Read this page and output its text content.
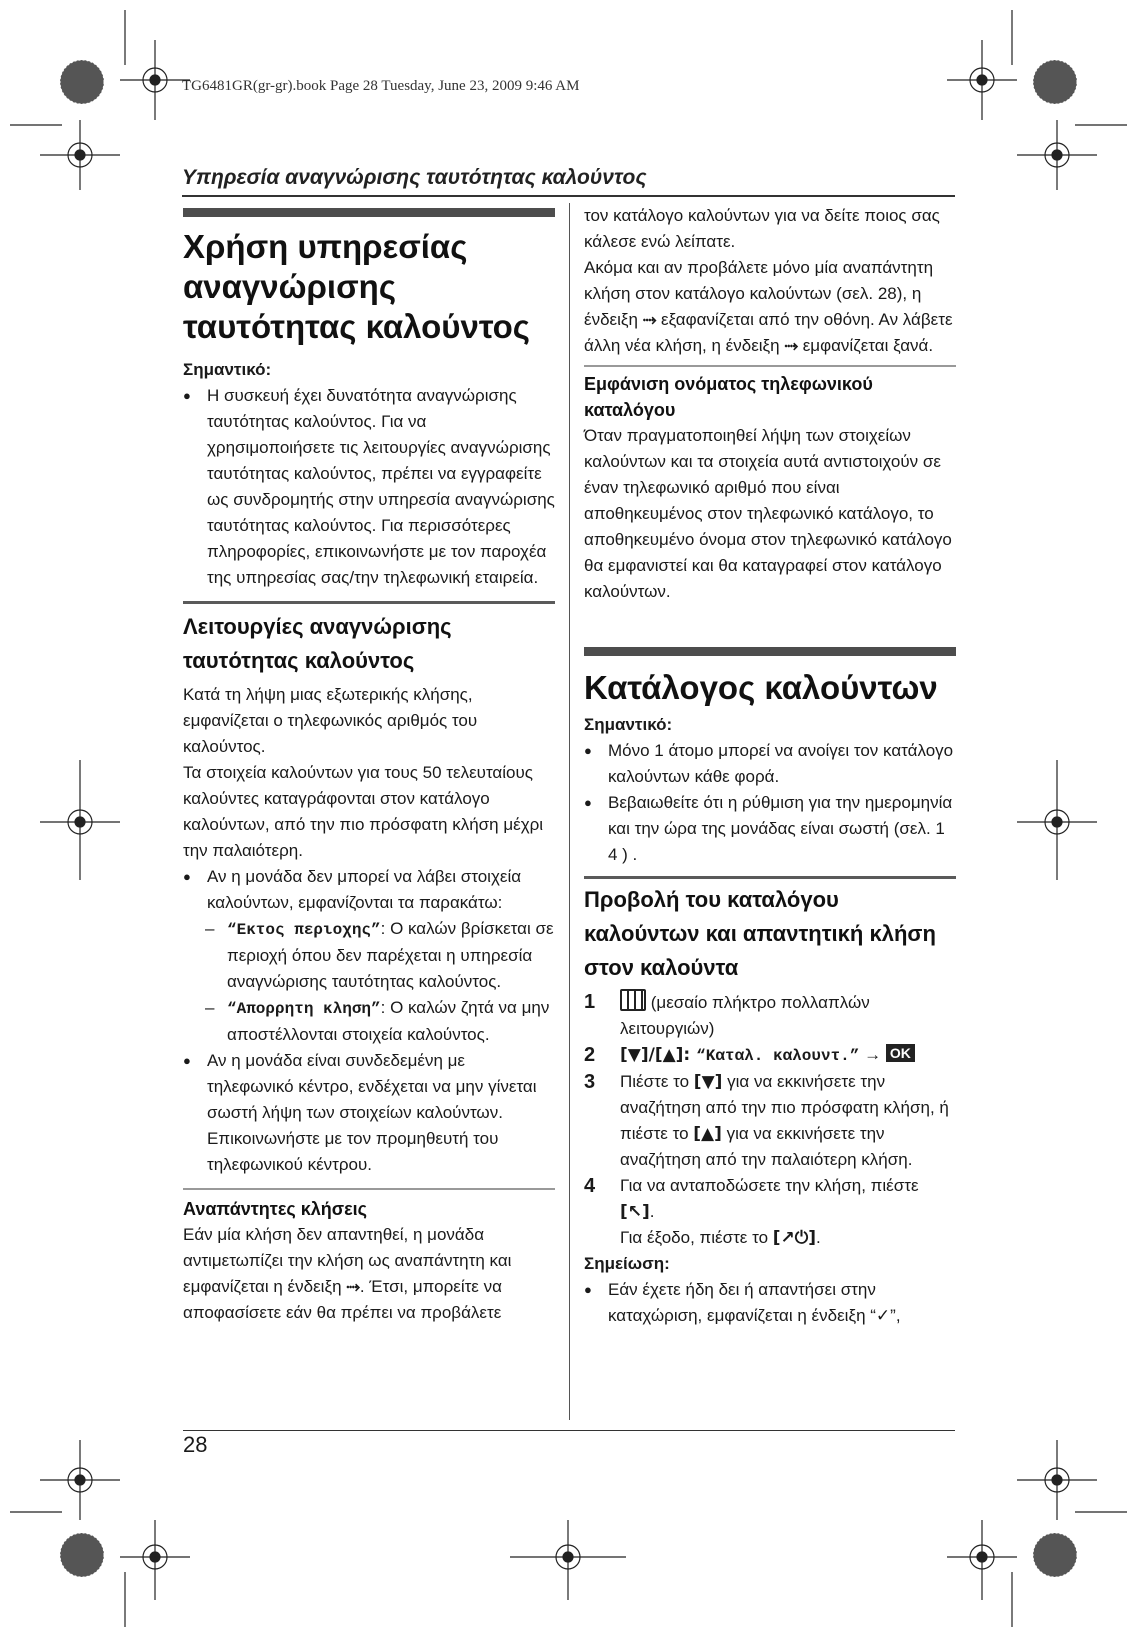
TG6481GR(gr-gr).book Page 28 Tuesday, June 23, 2009 9:46 AM
Υπηρεσία αναγνώρισης ταυτότητας καλούντος
Χρήση υπηρεσίας αναγνώρισης ταυτότητας καλούντος
Σημαντικό:
● Η συσκευή έχει δυνατότητα αναγνώρισης ταυτότητας καλούντος. Για να χρησιμοποιήσετε τις λειτουργίες αναγνώρισης ταυτότητας καλούντος, πρέπει να εγγραφείτε ως συνδρομητής στην υπηρεσία αναγνώρισης ταυτότητας καλούντος. Για περισσότερες πληροφορίες, επικοινωνήστε με τον παροχέα της υπηρεσίας σας/την τηλεφωνική εταιρεία.
Λειτουργίες αναγνώρισης ταυτότητας καλούντος

Κατά τη λήψη μιας εξωτερικής κλήσης, εμφανίζεται ο τηλεφωνικός αριθμός του καλούντος.

Τα στοιχεία καλούντων για τους 50 τελευταίους καλούντες καταγράφονται στον κατάλογο καλούντων, από την πιο πρόσφατη κλήση μέχρι την παλαιότερη.

● Αν η μονάδα δεν μπορεί να λάβει στοιχεία καλούντων, εμφανίζονται τα παρακάτω:
– “Εκτος περιοχης”: Ο καλών βρίσκεται σε περιοχή όπου δεν παρέχεται η υπηρεσία αναγνώρισης ταυτότητας καλούντος.
– “Απορρητη κληση”: Ο καλών ζητά να μην αποστέλλονται στοιχεία καλούντος.
● Αν η μονάδα είναι συνδεδεμένη με τηλεφωνικό κέντρο, ενδέχεται να μην γίνεται σωστή λήψη των στοιχείων καλούντων. Επικοινωνήστε με τον προμηθευτή του τηλεφωνικού κέντρου.
Αναπάντητες κλήσεις

Εάν μία κλήση δεν απαντηθεί, η μονάδα αντιμετωπίζει την κλήση ως αναπάντητη και εμφανίζεται η ένδειξη ⤑. Έτσι, μπορείτε να αποφασίσετε εάν θα πρέπει να προβάλετε

τον κατάλογο καλούντων για να δείτε ποιος σας κάλεσε ενώ λείπατε.

Ακόμα και αν προβάλετε μόνο μία αναπάντητη κλήση στον κατάλογο καλούντων (σελ. 28), η ένδειξη ⤑ εξαφανίζεται από την οθόνη. Αν λάβετε άλλη νέα κλήση, η ένδειξη ⤑ εμφανίζεται ξανά.

Εμφάνιση ονόματος τηλεφωνικού καταλόγου

Όταν πραγματοποιηθεί λήψη των στοιχείων καλούντων και τα στοιχεία αυτά αντιστοιχούν σε έναν τηλεφωνικό αριθμό που είναι αποθηκευμένος στον τηλεφωνικό κατάλογο, το αποθηκευμένο όνομα στον τηλεφωνικό κατάλογο θα εμφανιστεί και θα καταγραφεί στον κατάλογο καλούντων.

Κατάλογος καλούντων
Σημαντικό:
● Μόνο 1 άτομο μπορεί να ανοίγει τον κατάλογο καλούντων κάθε φορά.
● Βεβαιωθείτε ότι η ρύθμιση για την ημερομηνία και την ώρα της μονάδας είναι σωστή (σελ. 1 4 ) .
Προβολή του καταλόγου καλούντων και απαντητική κλήση στον καλούντα
1	(μεσαίο πλήκτρο πολλαπλών λειτουργιών)
2 [▼]/[▲]: “Καταλ. καλουντ.” → OK
3 Πιέστε το [▼] για να εκκινήσετε την αναζήτηση από την πιο πρόσφατη κλήση, ή πιέστε το [▲] για να εκκινήσετε την αναζήτηση από την παλαιότερη κλήση.
4 Για να ανταποδώσετε την κλήση, πιέστε [↖].
Για έξοδο, πιέστε το [↗⏻].
Σημείωση:
● Εάν έχετε ήδη δει ή απαντήσει στην καταχώριση, εμφανίζεται η ένδειξη “✓”,
28
